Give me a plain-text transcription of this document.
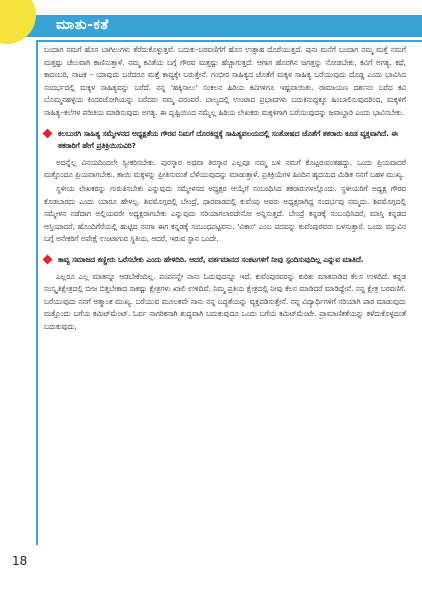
ಮಾತು-ಕತೆ

ಬಂದಾಗ ನಮಗೆ ಹೊಸ ಬಾಗಿಲುಗಳು ತೆರೆದುಕೊಳ್ಳುತ್ತವೆ. ಬದುಕು-ಬರವಣಿಗೆಗೆ ಹೊಸ ಉತ್ಸಾಹ ದೊರೆಯುತ್ತದೆ. ಪುನಃ ಮನೆಗೆ ಬಂದಾಗ ನಮ್ಮ ಮತ್ತೆ ನಮಗೆ ಮತ್ತಷ್ಟು ಚೆಲುವಾಗಿ ಕಾಣಿಸುತ್ತಾಳೆ. ನಮ್ಮ ಕವಿತೆಯ ಬಗ್ಗೆ ಗೌರವ ಮತ್ತಷ್ಟು ಹೆಚ್ಚಾಗುತ್ತದೆ. ಆಗಾಗ ಹೊರಗಿನ ಜಗತ್ತನ್ನು ನೋಡಬೇಕು, ಕವಿಗೆ ಅಗತ್ಯ. ಕಥೆ, ಕಾದಂಬರಿ, ನಾಟಕ – ಯಾವುದು ಬರೆದರೂ ಮತ್ತೆ ಕಾವ್ಯಕ್ಕೇ ಬರುತ್ತೇನೆ. ಗಂಭೀರ ಸಾಹಿತ್ಯದ ಜೊತೆಗೆ ಮಕ್ಕಳ ಸಾಹಿತ್ಯ ಬರೆಯುವುದು ದೊಡ್ಡ ಎಂದು ಭಾವಿಸಿದ ಸಂದರ್ಭದಲ್ಲಿ ಮಕ್ಕಳ ಸಾಹಿತ್ಯವನ್ನು ಬರೆದೆ. ನನ್ನ 'ಹಕ್ಕಿಸಾಲು' ಸಂಕಲನ ಹಿರಿಯ ಕವಿಗಳಿಗೂ ಇಷ್ಟವಾಯಿತು. ರಾಮಾಯಣ ದರ್ಶನಂ ಬರೆದ ಕವಿ ಬೊಮ್ಮನಹಳ್ಳಿಯ ಕಿಂದರಜೋಗಿಯನ್ನು ಬರೆದರು ನಮ್ಮ ಪರಂಪರೆ. ಬಾಲ್ಯದಲ್ಲಿ ಉಂಟಾದ ಪ್ರಭಾವಗಳು ಬದುಕಿನುದ್ದಕ್ಕೂ ಹಿಂಬಾಲಿಸುವುದರಿಂದ, ಮಕ್ಕಳಿಗೆ ಸಾಹಿತ್ಯ–ಕಲೆಗಳ ಪರಿಚಯ ಮಾಡಿಸುವುದು ಅಗತ್ಯ. ಈ ದೃಷ್ಟಿಯಿಂದ ನಮ್ಮೆಲ್ಲ ಹಿರಿಯ ಲೇಖಕರು ಮಕ್ಕಳಿಗಾಗಿ ಬರೆಯುವುದನ್ನು ಜವಾಬ್ದಾರಿ ಎಂದು ಭಾವಿಸಬೇಕು.

ಕಲಬುರಗಿ ಸಾಹಿತ್ಯ ಸಮ್ಮೇಳನದ ಅಧ್ಯಕ್ಷತೆಯ ಗೌರವ ನಿಮಗೆ ದೊರಕಿದ್ದಕ್ಕೆ ಸಾಹಿತ್ಯವಲಯದಲ್ಲಿ ಸಂತೋಷದ ಜೊತೆಗೆ ತಕರಾರು ಕೂಡ ವ್ಯಕ್ತವಾಗಿದೆ. ಈ ತಕರಾರಿಗೆ ಹೇಗೆ ಪ್ರತಿಕ್ರಿಯಿಸುವಿರಿ?

ಅದನ್ನೆಲ್ಲ ವಿನಯದಿಂದಲೇ ಸ್ವೀಕರಿಸಬೇಕು. ಪುರಸ್ಕಾರ ಅಥವಾ ತಿರಸ್ಕಾರ ಎಲ್ಲವೂ ನಮ್ಮ ಬಳಿ ನಮಗೆ ಕೊಟ್ಟರುವಂತಹದ್ದು. ಒಂದು ಪ್ರಿಯವಾದರೆ ಮತ್ತೊಂದೂ ಪ್ರಿಯವಾಗಬೇಕು. ತಾಯಿ ಮಕ್ಕಳನ್ನು ಪ್ರೀತಿಸುವಂತೆ ಬೆಳೆಯುವುದನ್ನು ಮಾಡುತ್ತಾಳೆ. ಪ್ರತಿಕ್ರಿಯೆಗಳ ಹಿಂದಿನ ಹೃದಯದ ಮಿಡಿತ ನನಗೆ ಬಹಳ ಮುಖ್ಯ.

ಸ್ಥಳೀಯ ಲೇಖಕರನ್ನು ಗುರುತಿಸಬೇಕು ಎನ್ನುವುದು ಸಮ್ಮೇಳನದ ಅಧ್ಯಕ್ಷರ ಆಯ್ಕೆಗೆ ಸಂಬಂಧಿಸಿದ ತಕರಾರುಗಳಲ್ಲೊಂದು. ಸ್ಥಳೀಯರಿಗೆ ಅಧ್ಯಕ್ಷ ಗೌರವ ಕೊಡಬಾರದು ಎಂದು ಯಾರೂ ಹೇಳಲ್ಲ. ಶಿವಮೊಗ್ಗದಲ್ಲಿ ಬೇಂದ್ರೆ, ಧಾರವಾಡದಲ್ಲಿ ಕುವೆಂಪು ಅವರು ಅಧ್ಯಕ್ಷರಾಗಿದ್ದ ಸಂದರ್ಭವು ನಮ್ಮದು. ಶಿವಮೊಗ್ಗದಲ್ಲಿ ಸಮ್ಮೇಳನ ನಡೆದಾಗ ಅಲ್ಲಿಯವರೇ ಅಧ್ಯಕ್ಷರಾಗಬೇಕು ಎನ್ನುವುದು ಸರಿಯಾಗಲಾರದೇನೋ ಅನ್ನಿಸುತ್ತದೆ. ಬೇಂದ್ರೆ ಕನ್ನಡಕ್ಕೆ ಸಂಬಂಧಿಸಿದರೆ, ಮಾಸ್ತಿ ಕನ್ನಡದ ಆಸ್ತಿಯಾದರೆ, ಹೊಂದಿಗೆರೆಯಲ್ಲಿ ಹುಟ್ಟಿದ ನನಗಾ ಈಗ ಕನ್ನಡಕ್ಕೆ ಸಂಬಂಧಪಟ್ಟವನು. 'ವಿಕಾಸ' ಎಂಬ ಪದವನ್ನು ಕುವೆಂಪುರವರು ಬಳಸುತ್ತಾರೆ. ಒಂದು ವಸ್ತುವಿನ ಬಗ್ಗೆ ಅನೇಕರಿಗೆ ಅಪೇಕ್ಷೆ ಉಂಟಾಗುವ ಸ್ಥಿತಿಯ, ಆದರೆ, ಇರುವ ಸ್ಥಾನ ಒಂದೇ.

ಕಾವ್ಯ ಸಮಾಜದ ಕಣ್ಣೀರು ಒರೆಸಬೇಕು ಎಂದು ಹೇಳಿದಿರಿ. ಆದರೆ, ವರ್ತಮಾನದ ಸಂಕಟಗಳಿಗೆ ನೀವು ಸ್ಪಂದಿಸುವುದಿಲ್ಲ ಎನ್ನುವ ಮಾತಿದೆ.

ಎಲ್ಲರೂ ಎಲ್ಲ ಮಾತನ್ನೂ ಆಡಬೇಕೆಂದಿಲ್ಲ. ಪಂಪನನ್ನೇ ನಾನು ಓದುವುದನ್ನೂ ಇದೆ. ಕುವೆಂಪುರವರನ್ನು ಕುರಿತು ಮಾತನಾಡಿದ ಕೆಲಸ ಉಳಿದಿದೆ. ಕನ್ನಡ ಸಂಸ್ಕೃತಿಕ್ಷೇತ್ರದಲ್ಲಿ ಬೀಜ ಬಿತ್ತಬೇಕಾದ ಸಾಕಷ್ಟು ಕ್ಷೇತ್ರಗಳು ಖಾಲಿ ಉಳಿದಿವೆ. ನಿಮ್ಮ ಪ್ರತಿಯ ಕ್ಷೇತ್ರದಲ್ಲಿ ನೀವು ಕೆಲಸ ಮಾಡಿದರೆ ಮಾಡಿದ್ದೇನೆ. ನನ್ನ ಕ್ಷೇತ್ರ ಬರವಣಿಗೆ. ಬರೆಯುವುದು ನನಗೆ ಆತ್ಮಾಂತ ಮುಖ್ಯ. ಬರೆಯುವ ಮೂಲಕವೇ ನಾನು ನನ್ನ ಬದ್ಧತೆಯನ್ನು ವ್ಯಕ್ತಪಡಿಸುತ್ತೇನೆ. ನನ್ನ ವಿದ್ಯಾರ್ಥಿಗಳಿಗೆ ಸರಿಯಾಗಿ ಪಾಠ ಮಾಡುವುದು ಮತ್ತೊಂದು ಬಗೆಯ ಕಮಿಟ್‌ಮೆಂಟ್. ಓರ್ವ ನಾಗರಿಕನಾಗಿ ಶುದ್ಧವಾಗಿ ಬದುಕುವುದೂ ಒಂದು ಬಗೆಯ ಕಮಿಟ್‌ಮೆಂಟೇ. ಪ್ರಾಮಾಣಿಕತೆಯನ್ನು ಕಳೆದುಕೊಳ್ಳದಂತೆ ಬದುಕುವುದು,

18
